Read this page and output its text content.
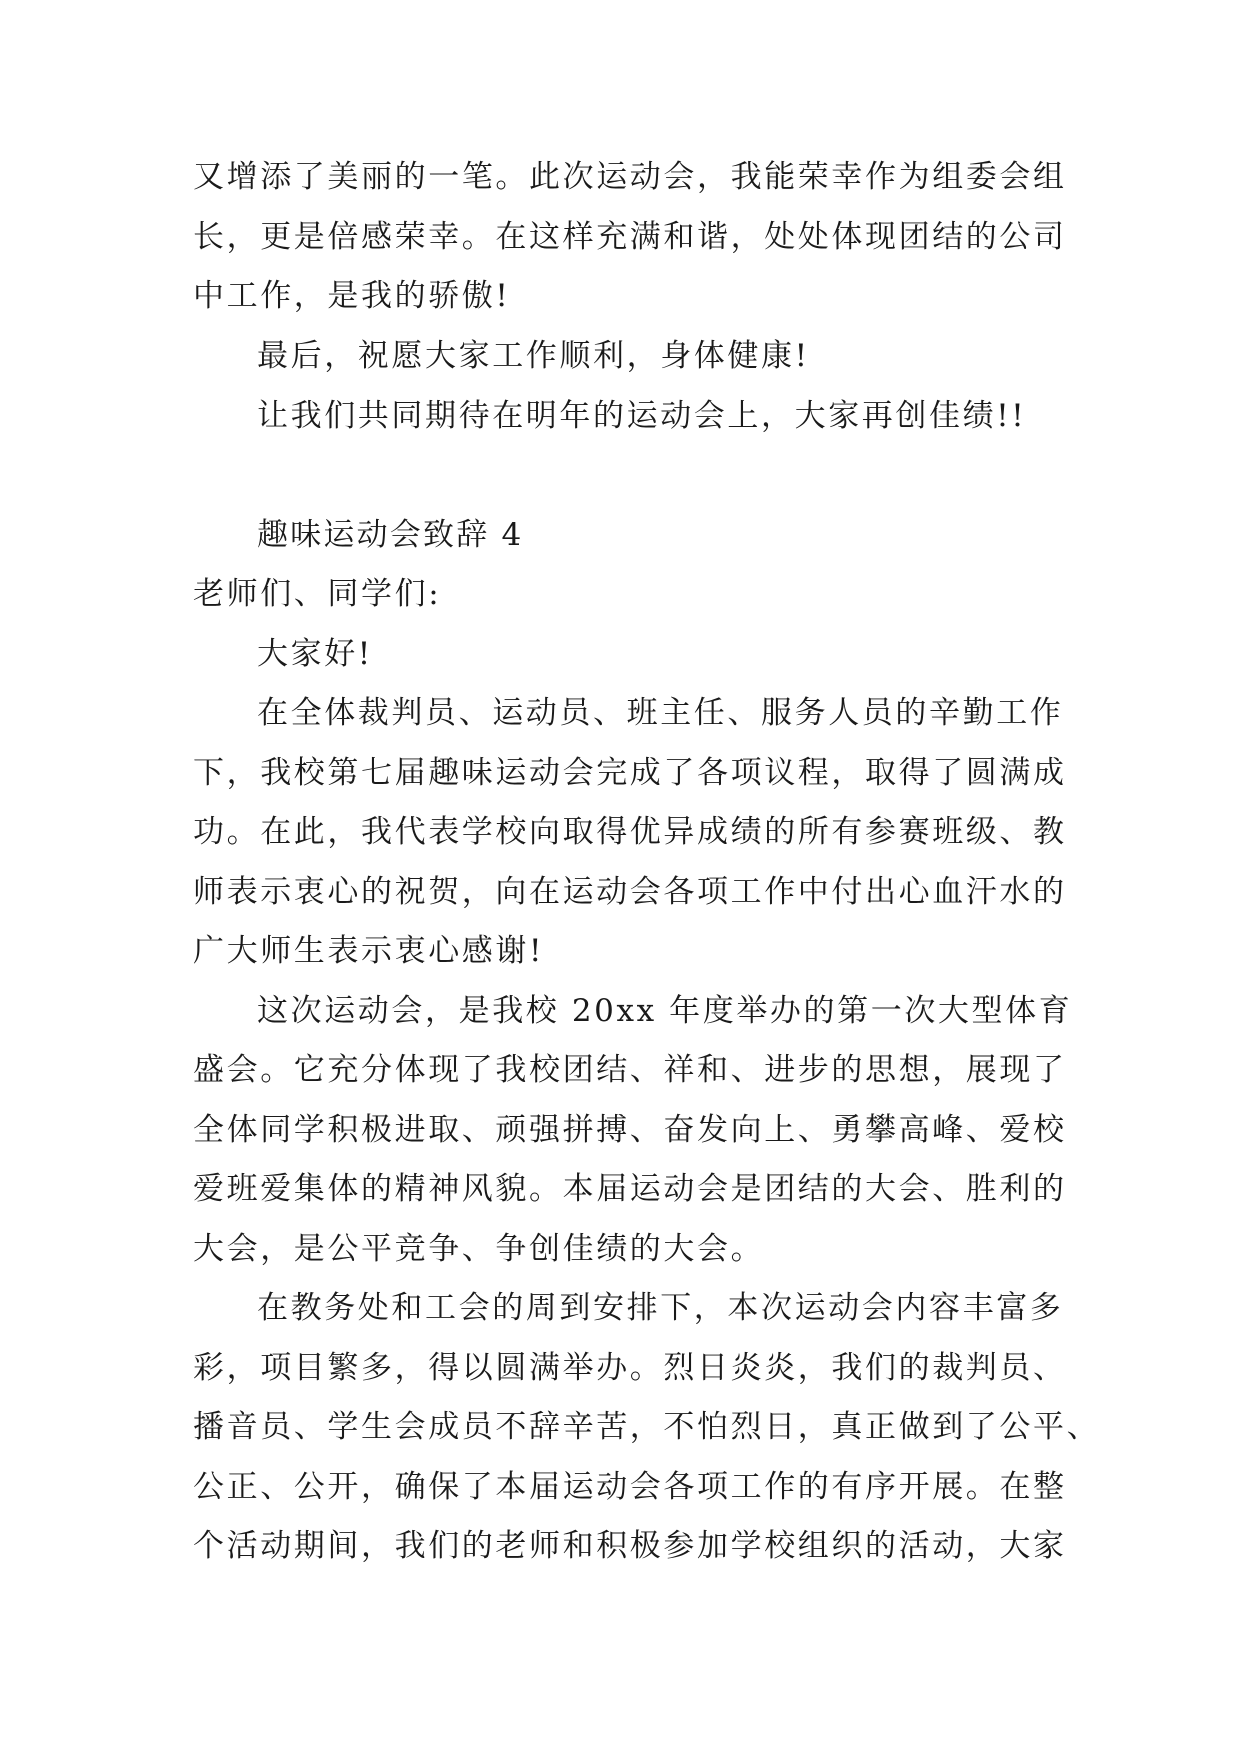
又增添了美丽的一笔。此次运动会，我能荣幸作为组委会组
长，更是倍感荣幸。在这样充满和谐，处处体现团结的公司
中工作，是我的骄傲!
最后，祝愿大家工作顺利，身体健康!
让我们共同期待在明年的运动会上，大家再创佳绩!!
趣味运动会致辞 4
老师们、同学们:
大家好!
在全体裁判员、运动员、班主任、服务人员的辛勤工作
下，我校第七届趣味运动会完成了各项议程，取得了圆满成
功。在此，我代表学校向取得优异成绩的所有参赛班级、教
师表示衷心的祝贺，向在运动会各项工作中付出心血汗水的
广大师生表示衷心感谢!
这次运动会，是我校 20xx 年度举办的第一次大型体育
盛会。它充分体现了我校团结、祥和、进步的思想，展现了
全体同学积极进取、顽强拼搏、奋发向上、勇攀高峰、爱校
爱班爱集体的精神风貌。本届运动会是团结的大会、胜利的
大会，是公平竞争、争创佳绩的大会。
在教务处和工会的周到安排下，本次运动会内容丰富多
彩，项目繁多，得以圆满举办。烈日炎炎，我们的裁判员、
播音员、学生会成员不辞辛苦，不怕烈日，真正做到了公平、
公正、公开，确保了本届运动会各项工作的有序开展。在整
个活动期间，我们的老师和积极参加学校组织的活动，大家
